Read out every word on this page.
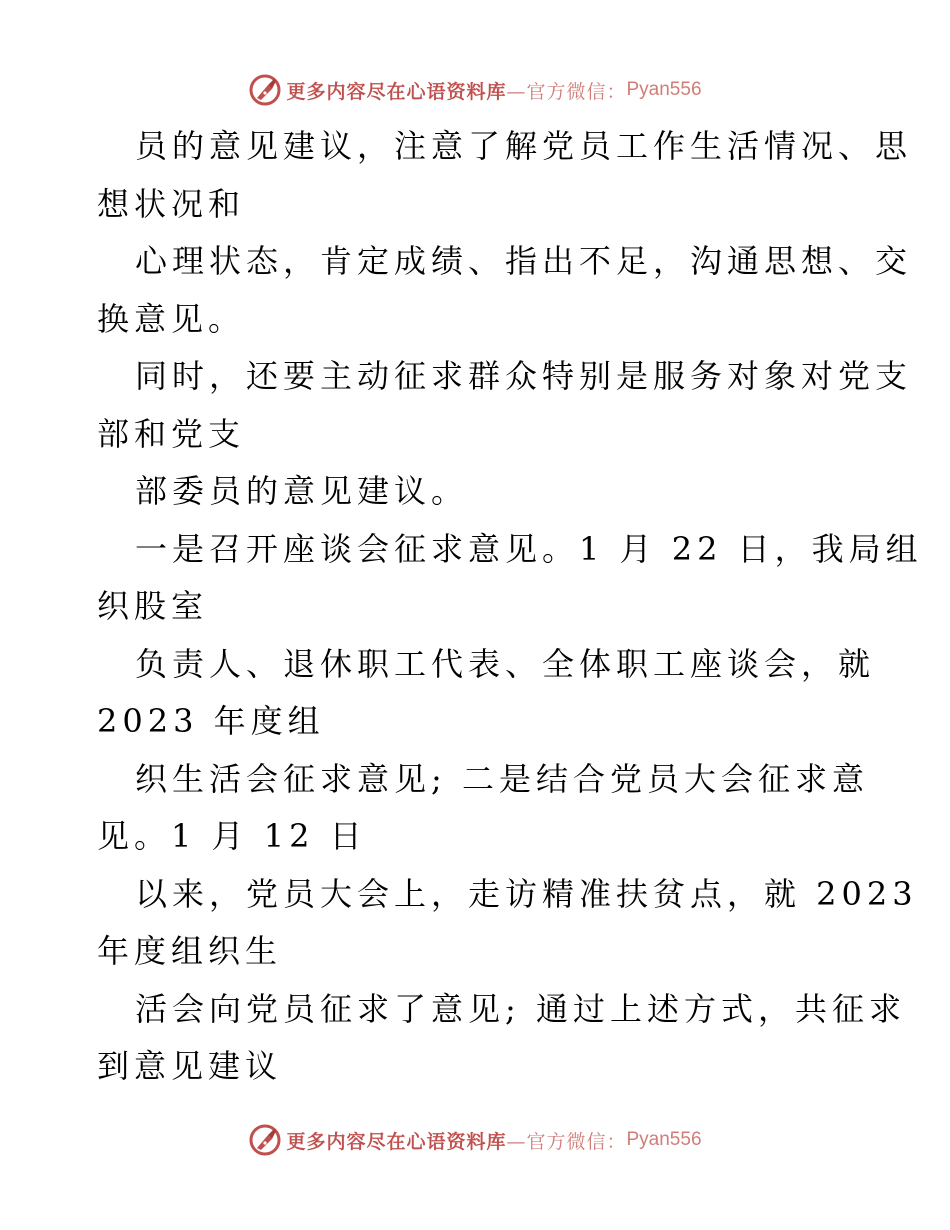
更多内容尽在心语资料库 —官方微信： Pyan556
员的意见建议，注意了解党员工作生活情况、思
想状况和
心理状态，肯定成绩、指出不足，沟通思想、交
换意见。
同时，还要主动征求群众特别是服务对象对党支
部和党支
部委员的意见建议。
一是召开座谈会征求意见。1 月 22 日，我局组
织股室
负责人、退休职工代表、全体职工座谈会，就
2023 年度组
织生活会征求意见; 二是结合党员大会征求意
见。1 月 12 日
以来，党员大会上，走访精准扶贫点，就 2023
年度组织生
活会向党员征求了意见; 通过上述方式，共征求
到意见建议
更多内容尽在心语资料库 —官方微信： Pyan556
